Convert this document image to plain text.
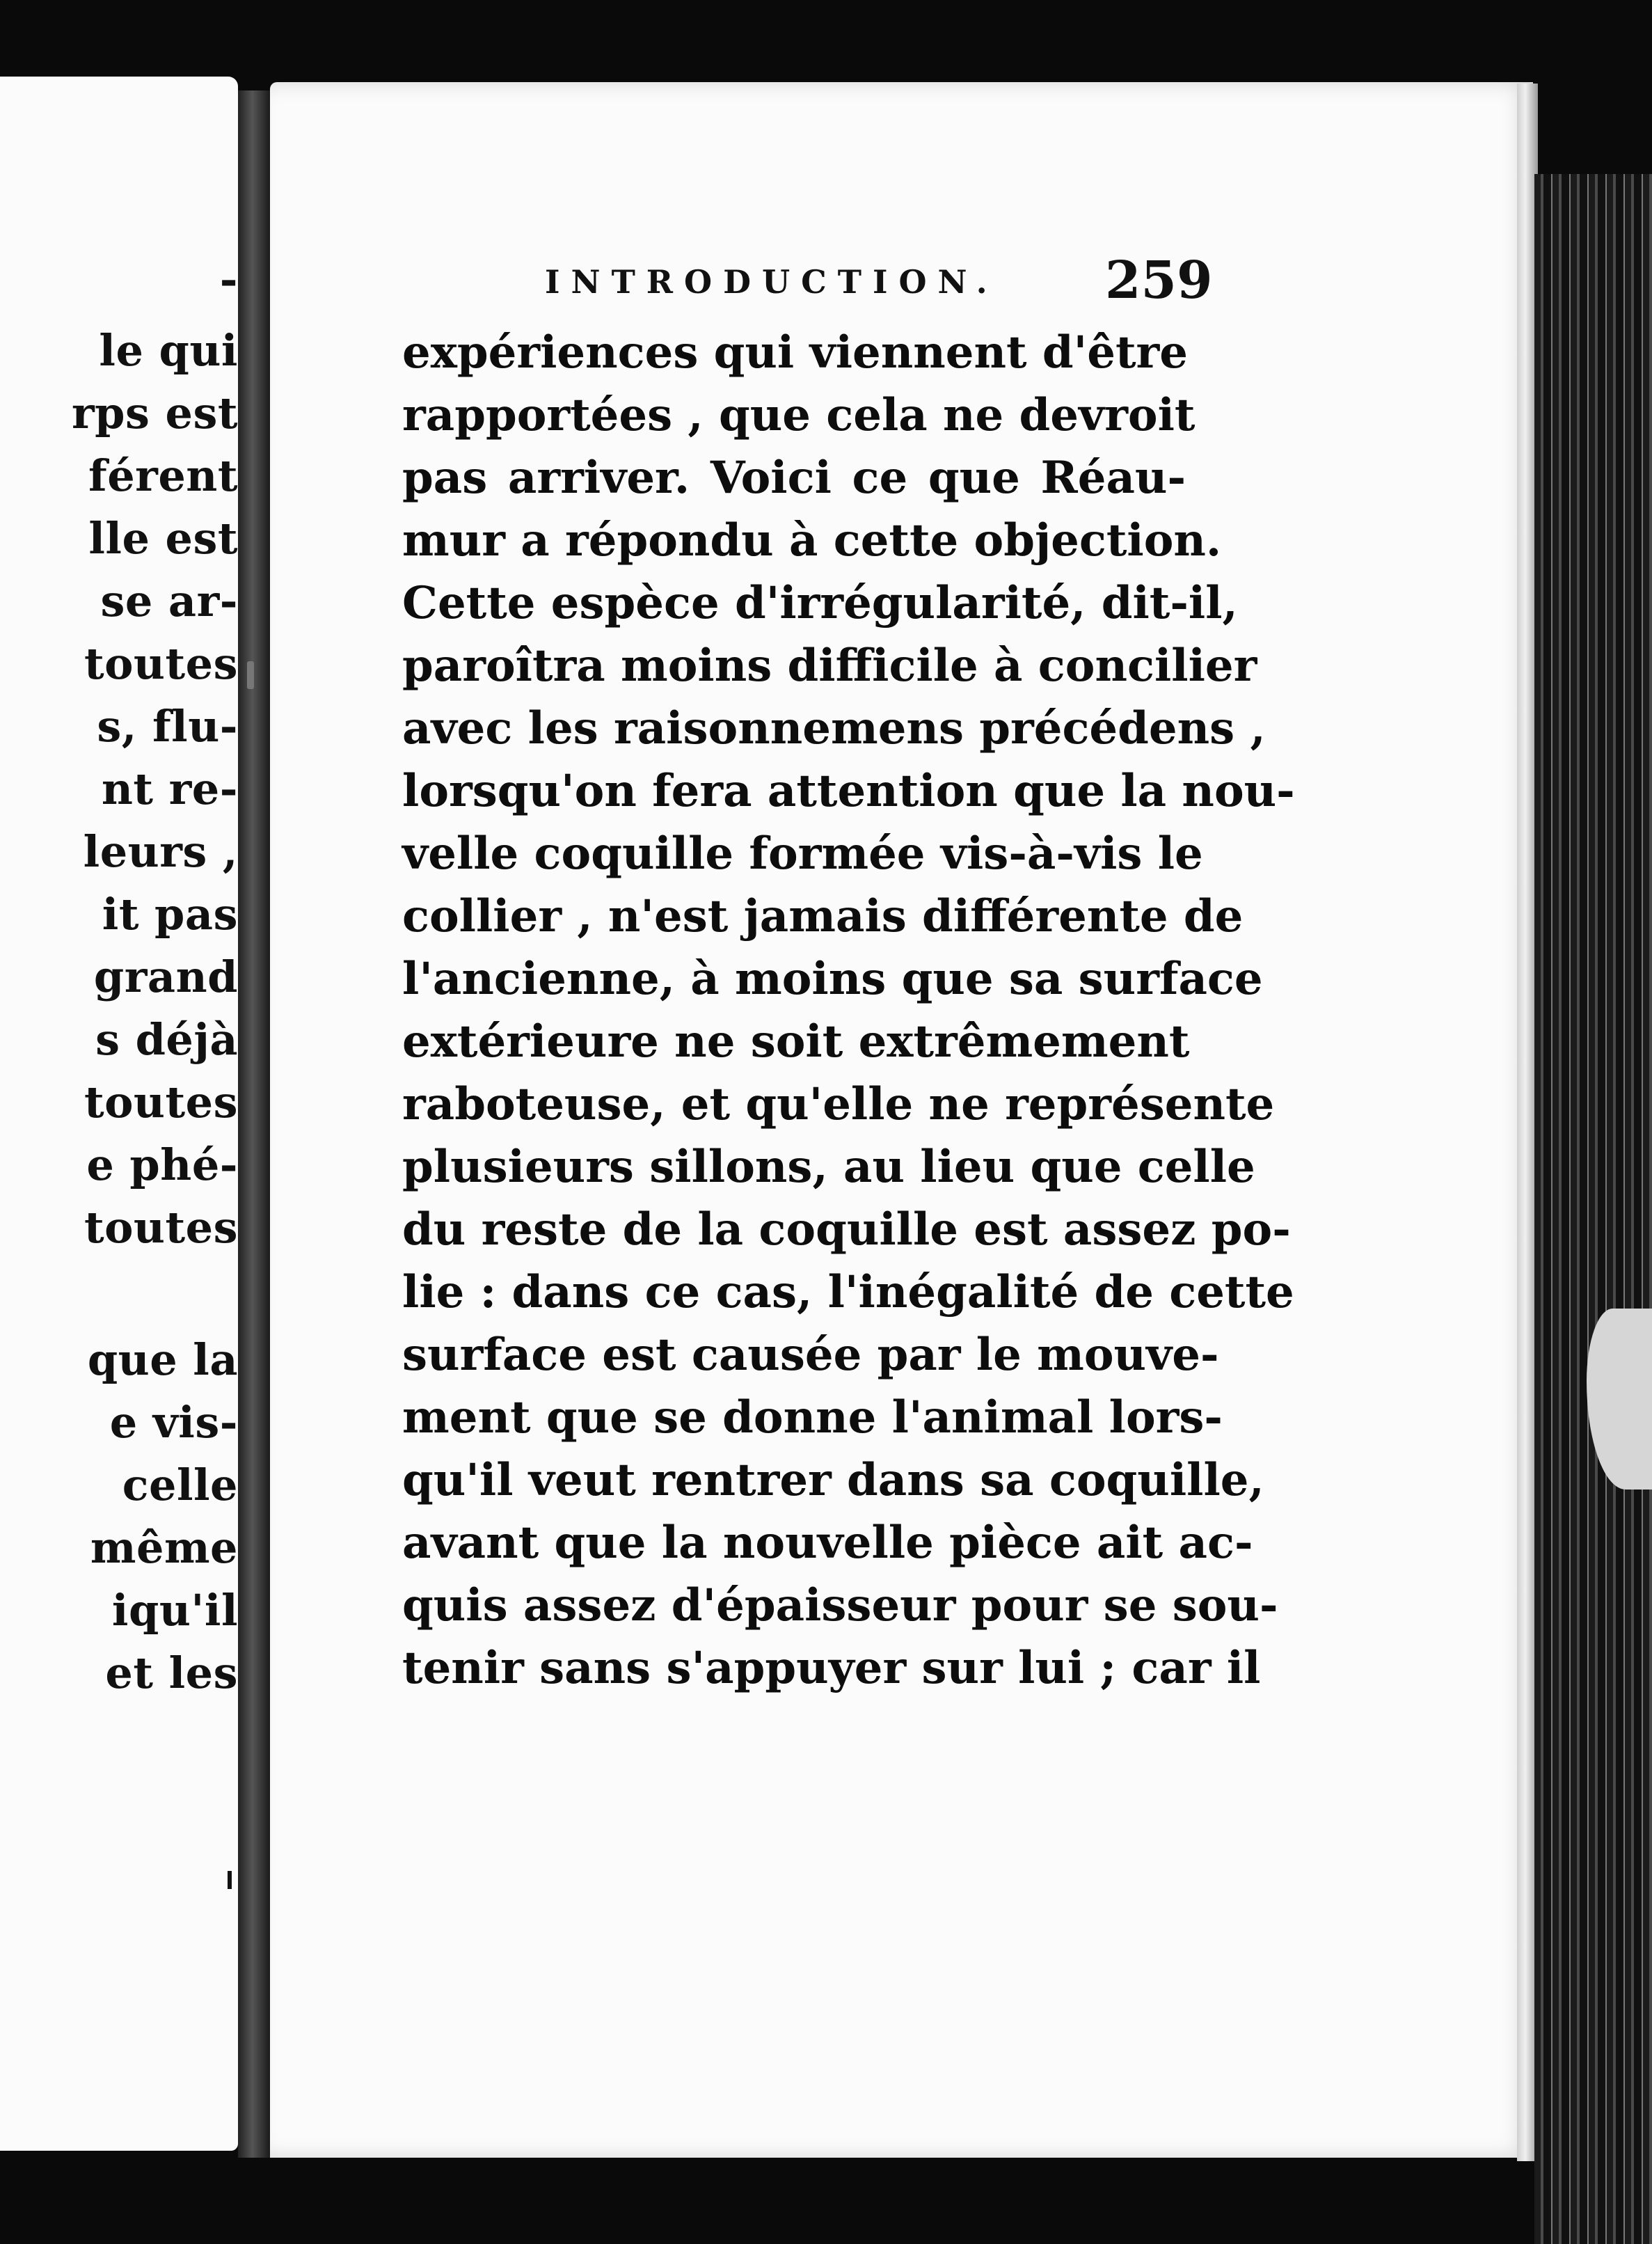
-
le qui
rps est
férent
lle est
se ar-
toutes
s, flu-
nt re-
leurs ,
it pas
grand
s déjà
toutes
e phé-
toutes
que la
e vis-
celle
même
iqu'il
et les
INTRODUCTION.	259
expériences qui viennent d'être
rapportées , que cela ne devroit
pas arriver. Voici ce que Réau-
mur a répondu à cette objection.
Cette espèce d'irrégularité, dit-il,
paroîtra moins difficile à concilier
avec les raisonnemens précédens ,
lorsqu'on fera attention que la nou-
velle coquille formée vis-à-vis le
collier , n'est jamais différente de
l'ancienne, à moins que sa surface
extérieure ne soit extrêmement
raboteuse, et qu'elle ne représente
plusieurs sillons, au lieu que celle
du reste de la coquille est assez po-
lie : dans ce cas, l'inégalité de cette
surface est causée par le mouve-
ment que se donne l'animal lors-
qu'il veut rentrer dans sa coquille,
avant que la nouvelle pièce ait ac-
quis assez d'épaisseur pour se sou-
tenir sans s'appuyer sur lui ; car il
